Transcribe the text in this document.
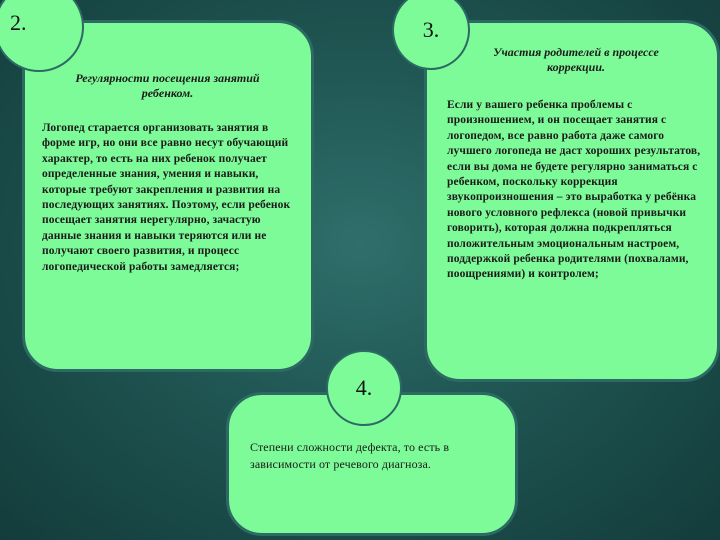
Регулярности посещения занятий ребенком.
Логопед старается организовать занятия в форме игр, но они все равно несут обучающий характер, то есть на них ребенок получает определенные знания, умения и навыки, которые требуют закрепления и развития на последующих занятиях. Поэтому, если ребенок посещает занятия нерегулярно, зачастую данные знания и навыки теряются или не получают своего развития, и процесс логопедической работы замедляется;
2.	3.
Участия родителей в процессе коррекции.
Если у вашего ребенка проблемы с произношением, и он посещает занятия с логопедом, все равно работа даже самого лучшего логопеда не даст хороших результатов, если вы дома не будете регулярно заниматься с ребенком, поскольку коррекция звукопроизношения – это выработка у ребёнка нового условного рефлекса (новой привычки говорить), которая должна подкрепляться положительным эмоциональным настроем, поддержкой ребенка родителями (похвалами, поощрениями) и контролем;
4.
Степени сложности дефекта, то есть в зависимости от речевого диагноза.
